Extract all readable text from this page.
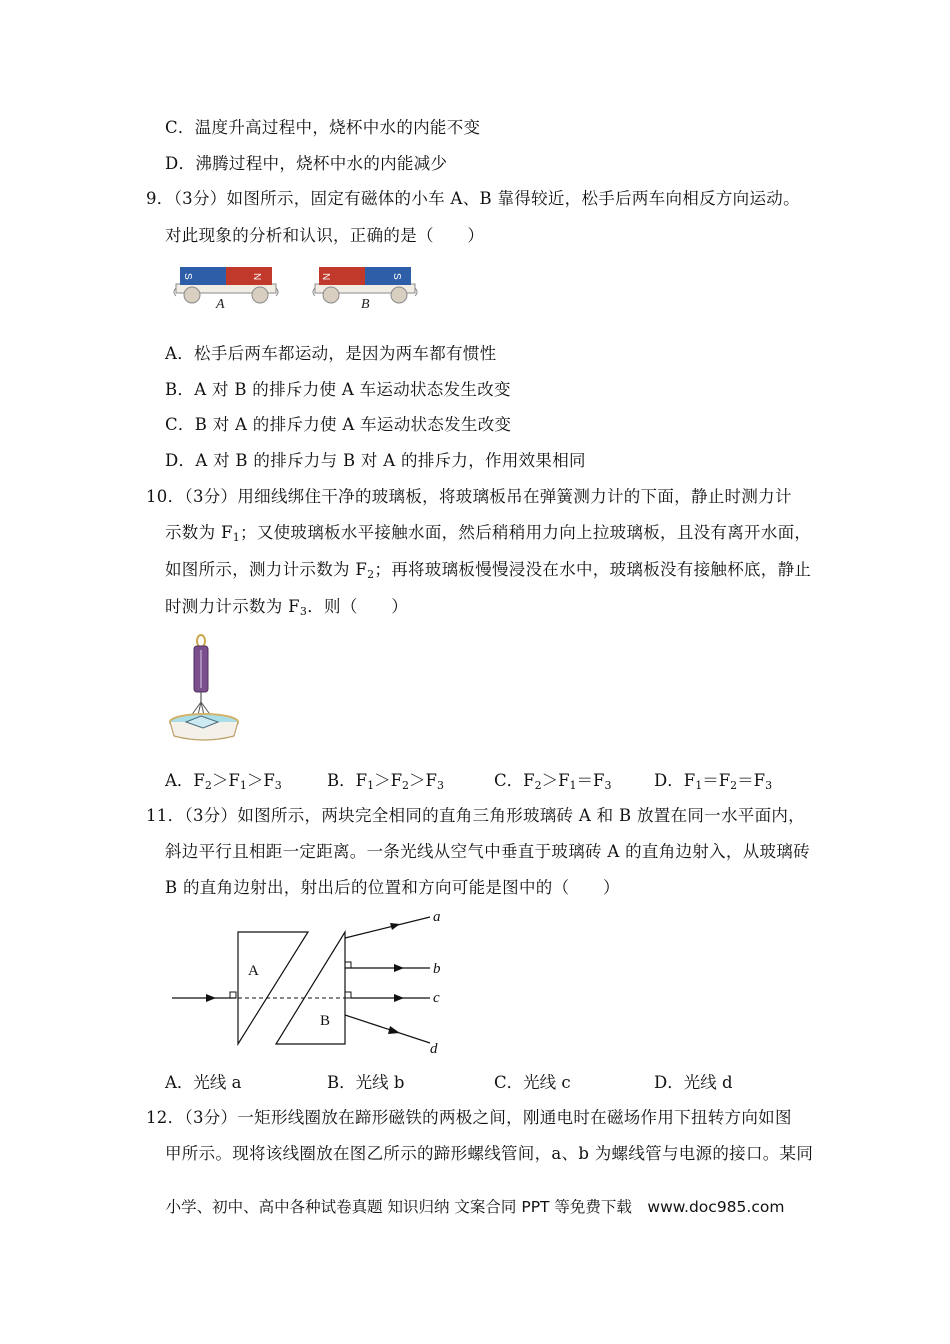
C．温度升高过程中，烧杯中水的内能不变
D．沸腾过程中，烧杯中水的内能减少
9．（3分）如图所示，固定有磁体的小车 A、B 靠得较近，松手后两车向相反方向运动。
对此现象的分析和认识，正确的是（　　）
S	N
A
N	S
B
A．松手后两车都运动，是因为两车都有惯性
B．A 对 B 的排斥力使 A 车运动状态发生改变
C．B 对 A 的排斥力使 A 车运动状态发生改变
D．A 对 B 的排斥力与 B 对 A 的排斥力，作用效果相同
10．（3分）用细线绑住干净的玻璃板，将玻璃板吊在弹簧测力计的下面，静止时测力计
示数为 $F_1$；又使玻璃板水平接触水面，然后稍稍用力向上拉玻璃板，且没有离开水面，
如图所示，测力计示数为 $F_2$；再将玻璃板慢慢浸没在水中，玻璃板没有接触杯底，静止
时测力计示数为 $F_3$．则（　　）
A．$F_2>F_1>F_3$	B．$F_1>F_2>F_3$	C．$F_2>F_1=F_3$	D．$F_1=F_2=F_3$
11．（3分）如图所示，两块完全相同的直角三角形玻璃砖 A 和 B 放置在同一水平面内，
斜边平行且相距一定距离。一条光线从空气中垂直于玻璃砖 A 的直角边射入，从玻璃砖
B 的直角边射出，射出后的位置和方向可能是图中的（　　）
A
B
a
b
c
d
A．光线 a	B．光线 b	C．光线 c	D．光线 d
12．（3分）一矩形线圈放在蹄形磁铁的两极之间，刚通电时在磁场作用下扭转方向如图
甲所示。现将该线圈放在图乙所示的蹄形螺线管间，a、b 为螺线管与电源的接口。某同
小学、初中、高中各种试卷真题 知识归纳 文案合同 PPT 等免费下载　www.doc985.com
